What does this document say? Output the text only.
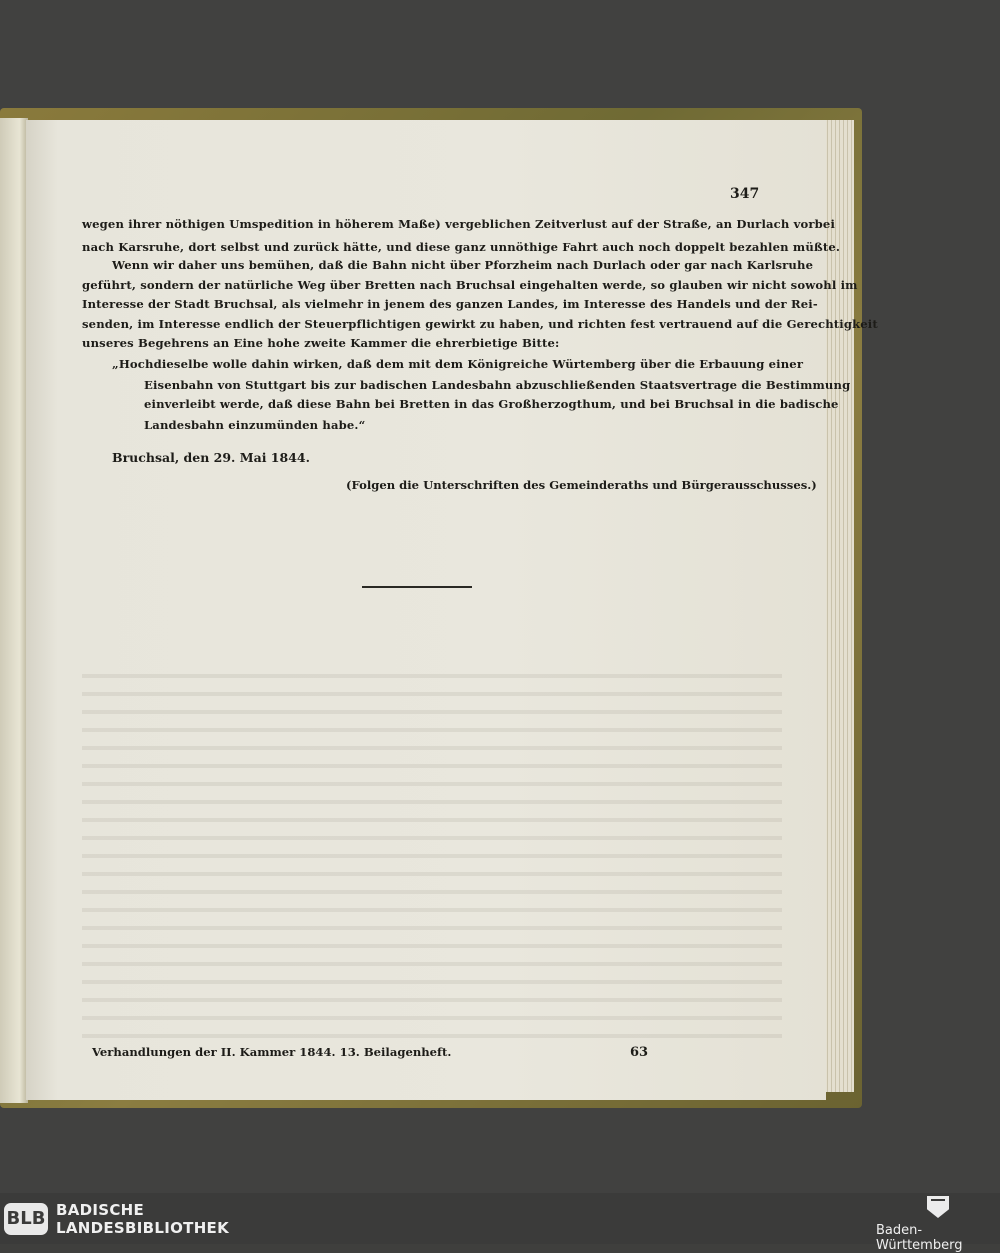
347
wegen ihrer nöthigen Umspedition in höherem Maße) vergeblichen Zeitverlust auf der Straße, an Durlach vorbei
nach Karsruhe, dort selbst und zurück hätte, und diese ganz unnöthige Fahrt auch noch doppelt bezahlen müßte.
Wenn wir daher uns bemühen, daß die Bahn nicht über Pforzheim nach Durlach oder gar nach Karlsruhe
geführt, sondern der natürliche Weg über Bretten nach Bruchsal eingehalten werde, so glauben wir nicht sowohl im
Interesse der Stadt Bruchsal, als vielmehr in jenem des ganzen Landes, im Interesse des Handels und der Rei-
senden, im Interesse endlich der Steuerpflichtigen gewirkt zu haben, und richten fest vertrauend auf die Gerechtigkeit
unseres Begehrens an Eine hohe zweite Kammer die ehrerbietige Bitte:
„Hochdieselbe wolle dahin wirken, daß dem mit dem Königreiche Würtemberg über die Erbauung einer
Eisenbahn von Stuttgart bis zur badischen Landesbahn abzuschließenden Staatsvertrage die Bestimmung
einverleibt werde, daß diese Bahn bei Bretten in das Großherzogthum, und bei Bruchsal in die badische
Landesbahn einzumünden habe.“
Bruchsal, den 29. Mai 1844.
(Folgen die Unterschriften des Gemeinderaths und Bürgerausschusses.)
Verhandlungen der II. Kammer 1844. 13. Beilagenheft.	63
BLB BADISCHE
LANDESBIBLIOTHEK	Baden-Württemberg
